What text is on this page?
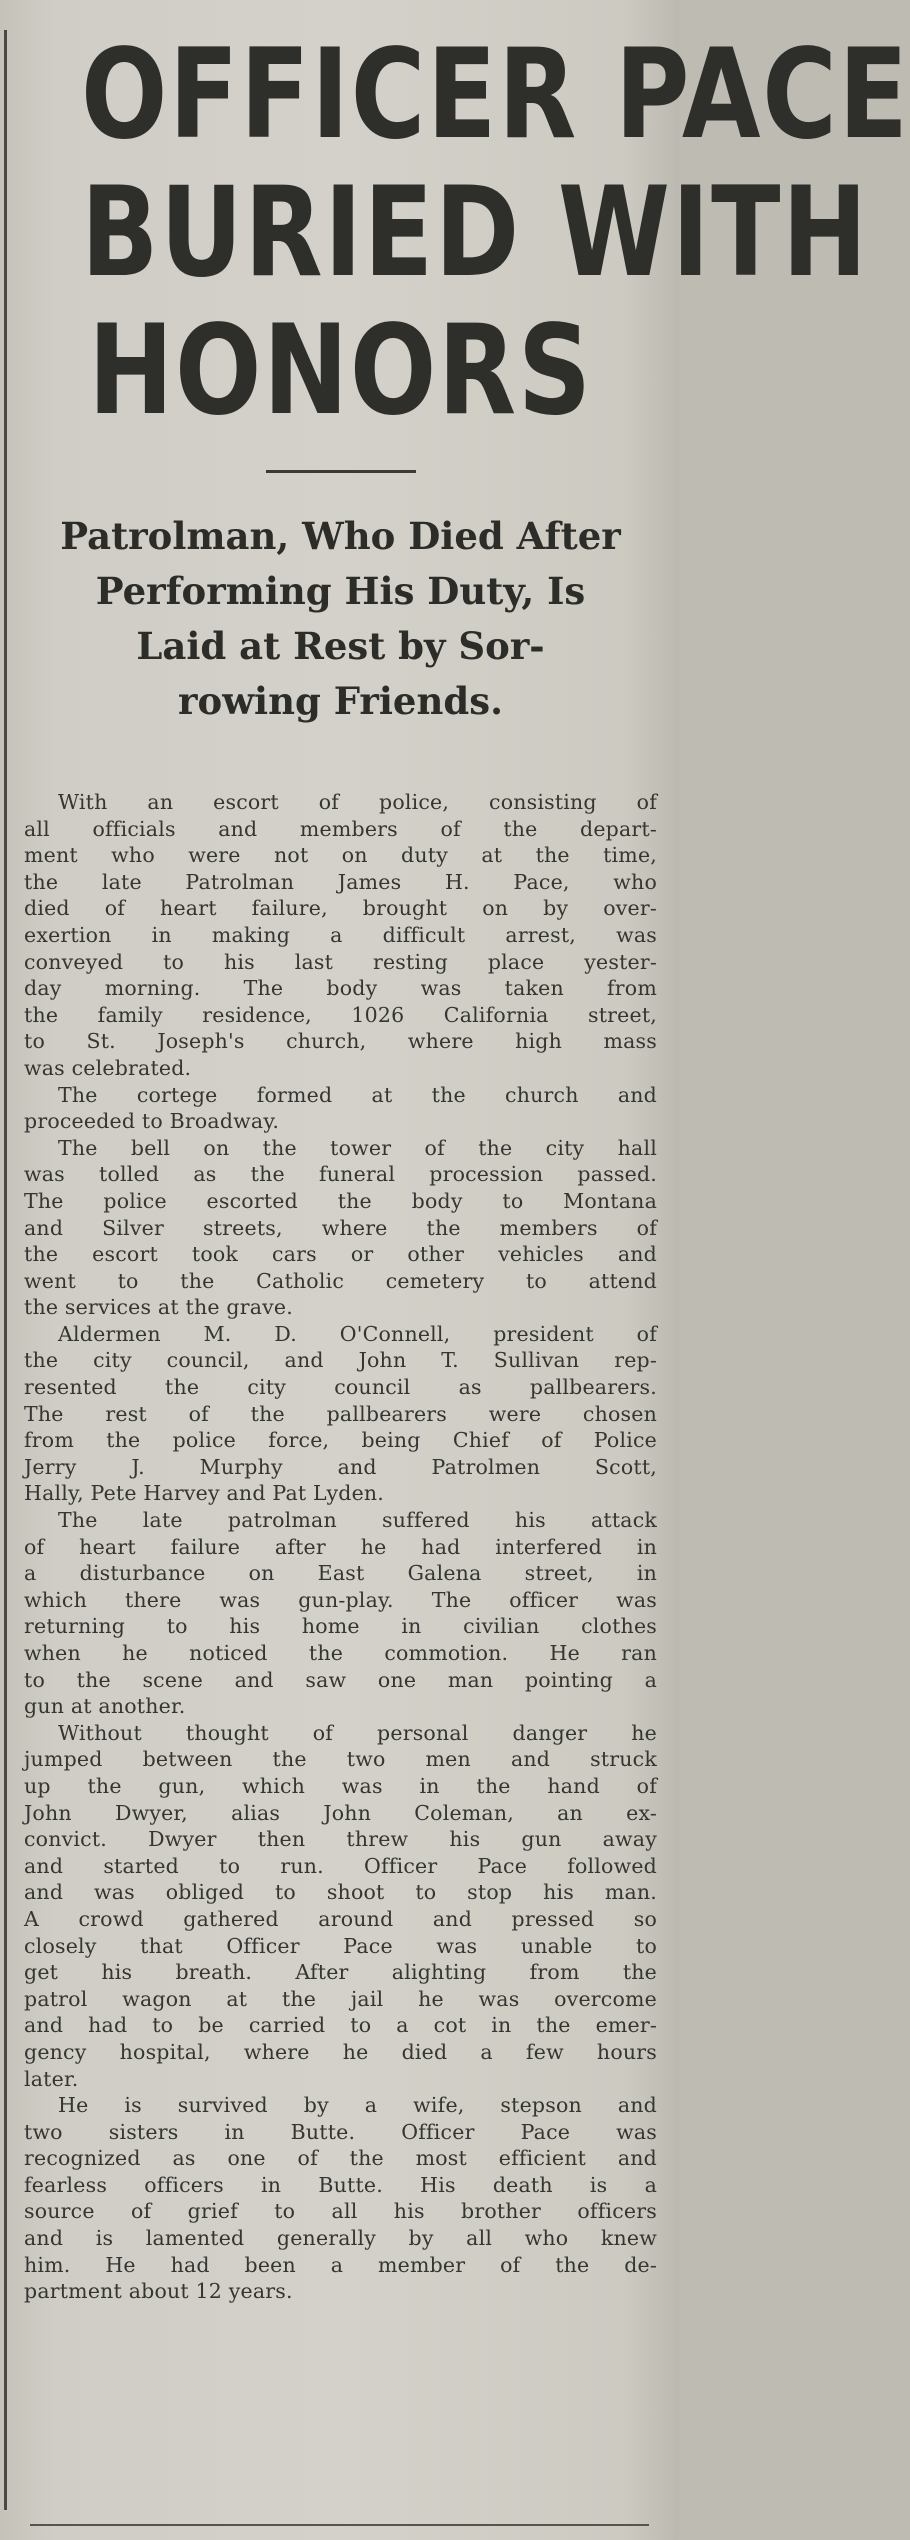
OFFICER PACE
BURIED WITH
HONORS
Patrolman, Who Died After
Performing His Duty, Is
Laid at Rest by Sor-
rowing Friends.
With an escort of police, consisting of
all officials and members of the depart-
ment who were not on duty at the time,
the late Patrolman James H. Pace, who
died of heart failure, brought on by over-
exertion in making a difficult arrest, was
conveyed to his last resting place yester-
day morning. The body was taken from
the family residence, 1026 California street,
to St. Joseph's church, where high mass
was celebrated.
The cortege formed at the church and
proceeded to Broadway.
The bell on the tower of the city hall
was tolled as the funeral procession passed.
The police escorted the body to Montana
and Silver streets, where the members of
the escort took cars or other vehicles and
went to the Catholic cemetery to attend
the services at the grave.
Aldermen M. D. O'Connell, president of
the city council, and John T. Sullivan rep-
resented the city council as pallbearers.
The rest of the pallbearers were chosen
from the police force, being Chief of Police
Jerry J. Murphy and Patrolmen Scott,
Hally, Pete Harvey and Pat Lyden.
The late patrolman suffered his attack
of heart failure after he had interfered in
a disturbance on East Galena street, in
which there was gun-play. The officer was
returning to his home in civilian clothes
when he noticed the commotion. He ran
to the scene and saw one man pointing a
gun at another.
Without thought of personal danger he
jumped between the two men and struck
up the gun, which was in the hand of
John Dwyer, alias John Coleman, an ex-
convict. Dwyer then threw his gun away
and started to run. Officer Pace followed
and was obliged to shoot to stop his man.
A crowd gathered around and pressed so
closely that Officer Pace was unable to
get his breath. After alighting from the
patrol wagon at the jail he was overcome
and had to be carried to a cot in the emer-
gency hospital, where he died a few hours
later.
He is survived by a wife, stepson and
two sisters in Butte. Officer Pace was
recognized as one of the most efficient and
fearless officers in Butte. His death is a
source of grief to all his brother officers
and is lamented generally by all who knew
him. He had been a member of the de-
partment about 12 years.
